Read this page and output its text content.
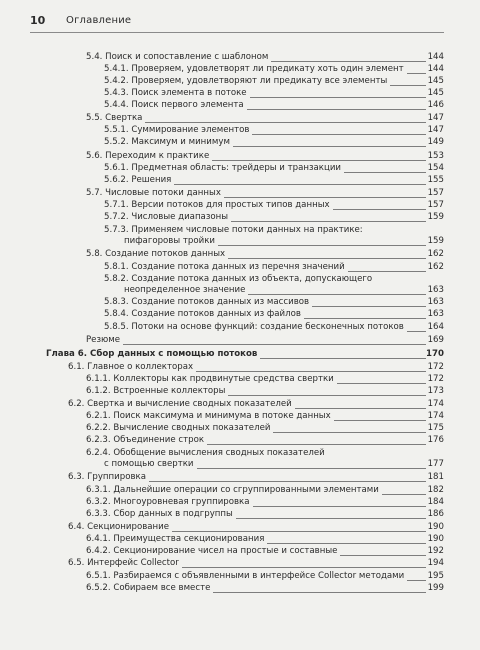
10 Оглавление
5.4. Поиск и сопоставление с шаблоном	144
5.4.1. Проверяем, удовлетворят ли предикату хоть один элемент	144
5.4.2. Проверяем, удовлетворяют ли предикату все элементы	145
5.4.3. Поиск элемента в потоке	145
5.4.4. Поиск первого элемента	146
5.5. Свертка	147
5.5.1. Суммирование элементов	147
5.5.2. Максимум и минимум	149
5.6. Переходим к практике	153
5.6.1. Предметная область: трейдеры и транзакции	154
5.6.2. Решения	155
5.7. Числовые потоки данных	157
5.7.1. Версии потоков для простых типов данных	157
5.7.2. Числовые диапазоны	159
5.7.3. Применяем числовые потоки данных на практике:
пифагоровы тройки	159
5.8. Создание потоков данных	162
5.8.1. Создание потока данных из перечня значений	162
5.8.2. Создание потока данных из объекта, допускающего
неопределенное значение	163
5.8.3. Создание потоков данных из массивов	163
5.8.4. Создание потоков данных из файлов	163
5.8.5. Потоки на основе функций: создание бесконечных потоков	164
Резюме	169
Глава 6. Сбор данных с помощью потоков	170
6.1. Главное о коллекторах	172
6.1.1. Коллекторы как продвинутые средства свертки	172
6.1.2. Встроенные коллекторы	173
6.2. Свертка и вычисление сводных показателей	174
6.2.1. Поиск максимума и минимума в потоке данных	174
6.2.2. Вычисление сводных показателей	175
6.2.3. Объединение строк	176
6.2.4. Обобщение вычисления сводных показателей
с помощью свертки	177
6.3. Группировка	181
6.3.1. Дальнейшие операции со сгруппированными элементами	182
6.3.2. Многоуровневая группировка	184
6.3.3. Сбор данных в подгруппы	186
6.4. Секционирование	190
6.4.1. Преимущества секционирования	190
6.4.2. Секционирование чисел на простые и составные	192
6.5. Интерфейс Collector	194
6.5.1. Разбираемся с объявленными в интерфейсе Collector методами	195
6.5.2. Собираем все вместе	199
